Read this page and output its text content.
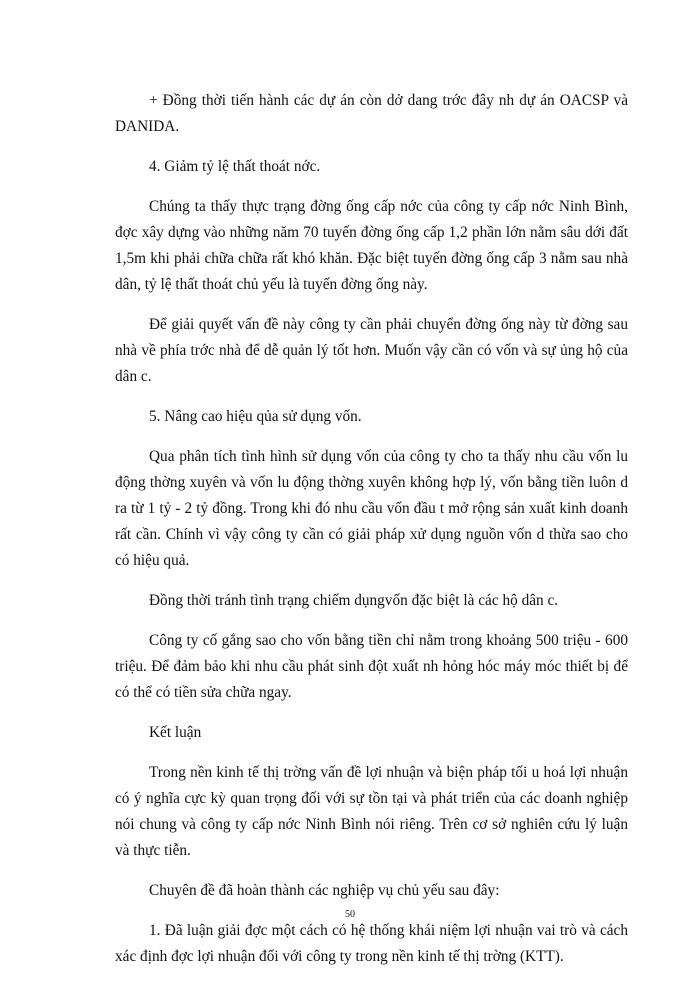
+ Đồng thời tiến hành các dự án còn dở dang trớc đây nh dự án OACSP và DANIDA.

4. Giảm tỷ lệ thất thoát nớc.

Chúng ta thấy thực trạng đờng ống cấp nớc của công ty cấp nớc Ninh Bình, đợc xây dựng vào những năm 70 tuyến đờng ống cấp 1,2 phần lớn nằm sâu dới đất 1,5m khi phải chữa chữa rất khó khăn. Đặc biệt tuyến đờng ống cấp 3 nằm sau nhà dân, tỷ lệ thất thoát chủ yếu là tuyến đờng ống này.

Để giải quyết vấn đề này công ty cần phải chuyển đờng ống này từ đờng sau nhà về phía trớc nhà để dễ quản lý tốt hơn. Muốn vậy cần có vốn và sự ủng hộ của dân c.

5. Nâng cao hiệu qủa sử dụng vốn.

Qua phân tích tình hình sử dụng vốn của công ty cho ta thấy nhu cầu vốn lu động thờng xuyên và vốn lu động thờng xuyên không hợp lý, vốn bằng tiền luôn d ra từ 1 tỷ - 2 tỷ đồng. Trong khi đó nhu cầu vốn đầu t mở rộng sản xuất kinh doanh rất cần. Chính vì vậy công ty cần có giải pháp xử dụng nguồn vốn d thừa sao cho có hiệu quả.

Đồng thời tránh tình trạng chiếm dụngvốn đặc biệt là các hộ dân c.

Công ty cố gắng sao cho vốn bằng tiền chỉ nằm trong khoảng 500 triệu - 600 triệu. Để đảm bảo khi nhu cầu phát sinh đột xuất nh hỏng hóc máy móc thiết bị để có thể có tiền sửa chữa ngay.

Kết luận

Trong nền kinh tế thị trờng vấn đề lợi nhuận và biện pháp tối u hoá lợi nhuận có ý nghĩa cực kỳ quan trọng đối với sự tồn tại và phát triển của các doanh nghiệp nói chung và công ty cấp nớc Ninh Bình nói riêng. Trên cơ sở nghiên cứu lý luận và thực tiễn.

Chuyên đề đã hoàn thành các nghiệp vụ chủ yếu sau đây:

1. Đã luận giải đợc một cách có hệ thống khái niệm lợi nhuận vai trò và cách xác định đợc lợi nhuận đối với công ty trong nền kinh tế thị trờng (KTT).

50
